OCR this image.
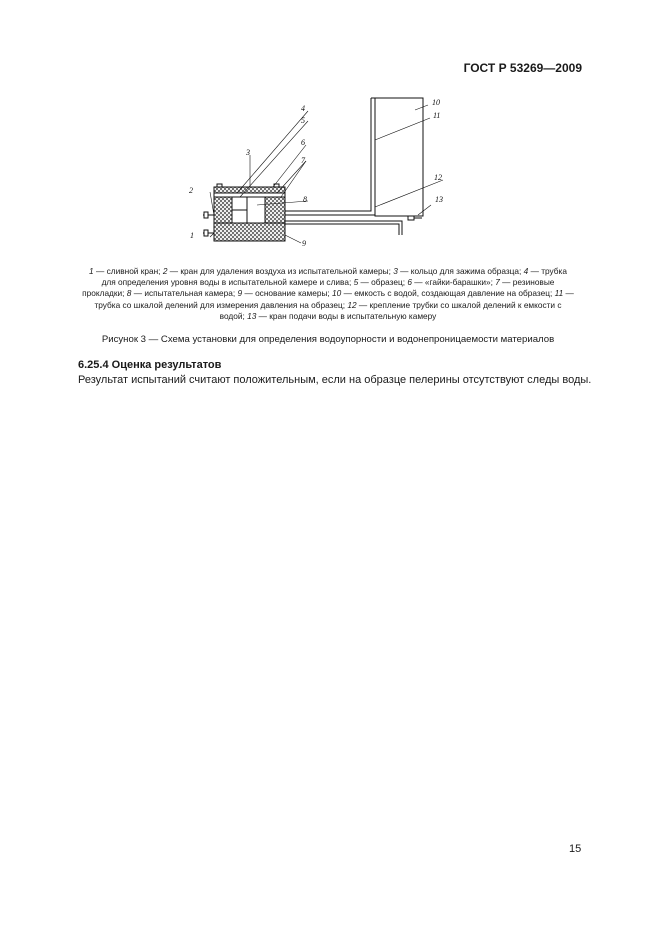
ГОСТ Р 53269—2009
1
2
3
4
5
6
7
8
9
10
11
12
13
1 — сливной кран; 2 — кран для удаления воздуха из испытательной камеры; 3 — кольцо для зажима образца; 4 — трубка для определения уровня воды в испытательной камере и слива; 5 — образец; 6 — «гайки-барашки»; 7 — резиновые прокладки; 8 — испытательная камера; 9 — основание камеры; 10 — емкость с водой, создающая давление на образец; 11 — трубка со шкалой делений для измерения давления на образец; 12 — крепление трубки со шкалой делений к емкости с водой; 13 — кран подачи воды в испытательную камеру
Рисунок 3 — Схема установки для определения водоупорности и водонепроницаемости материалов
6.25.4 Оценка результатов
Результат испытаний считают положительным, если на образце пелерины отсутствуют следы воды.
15
